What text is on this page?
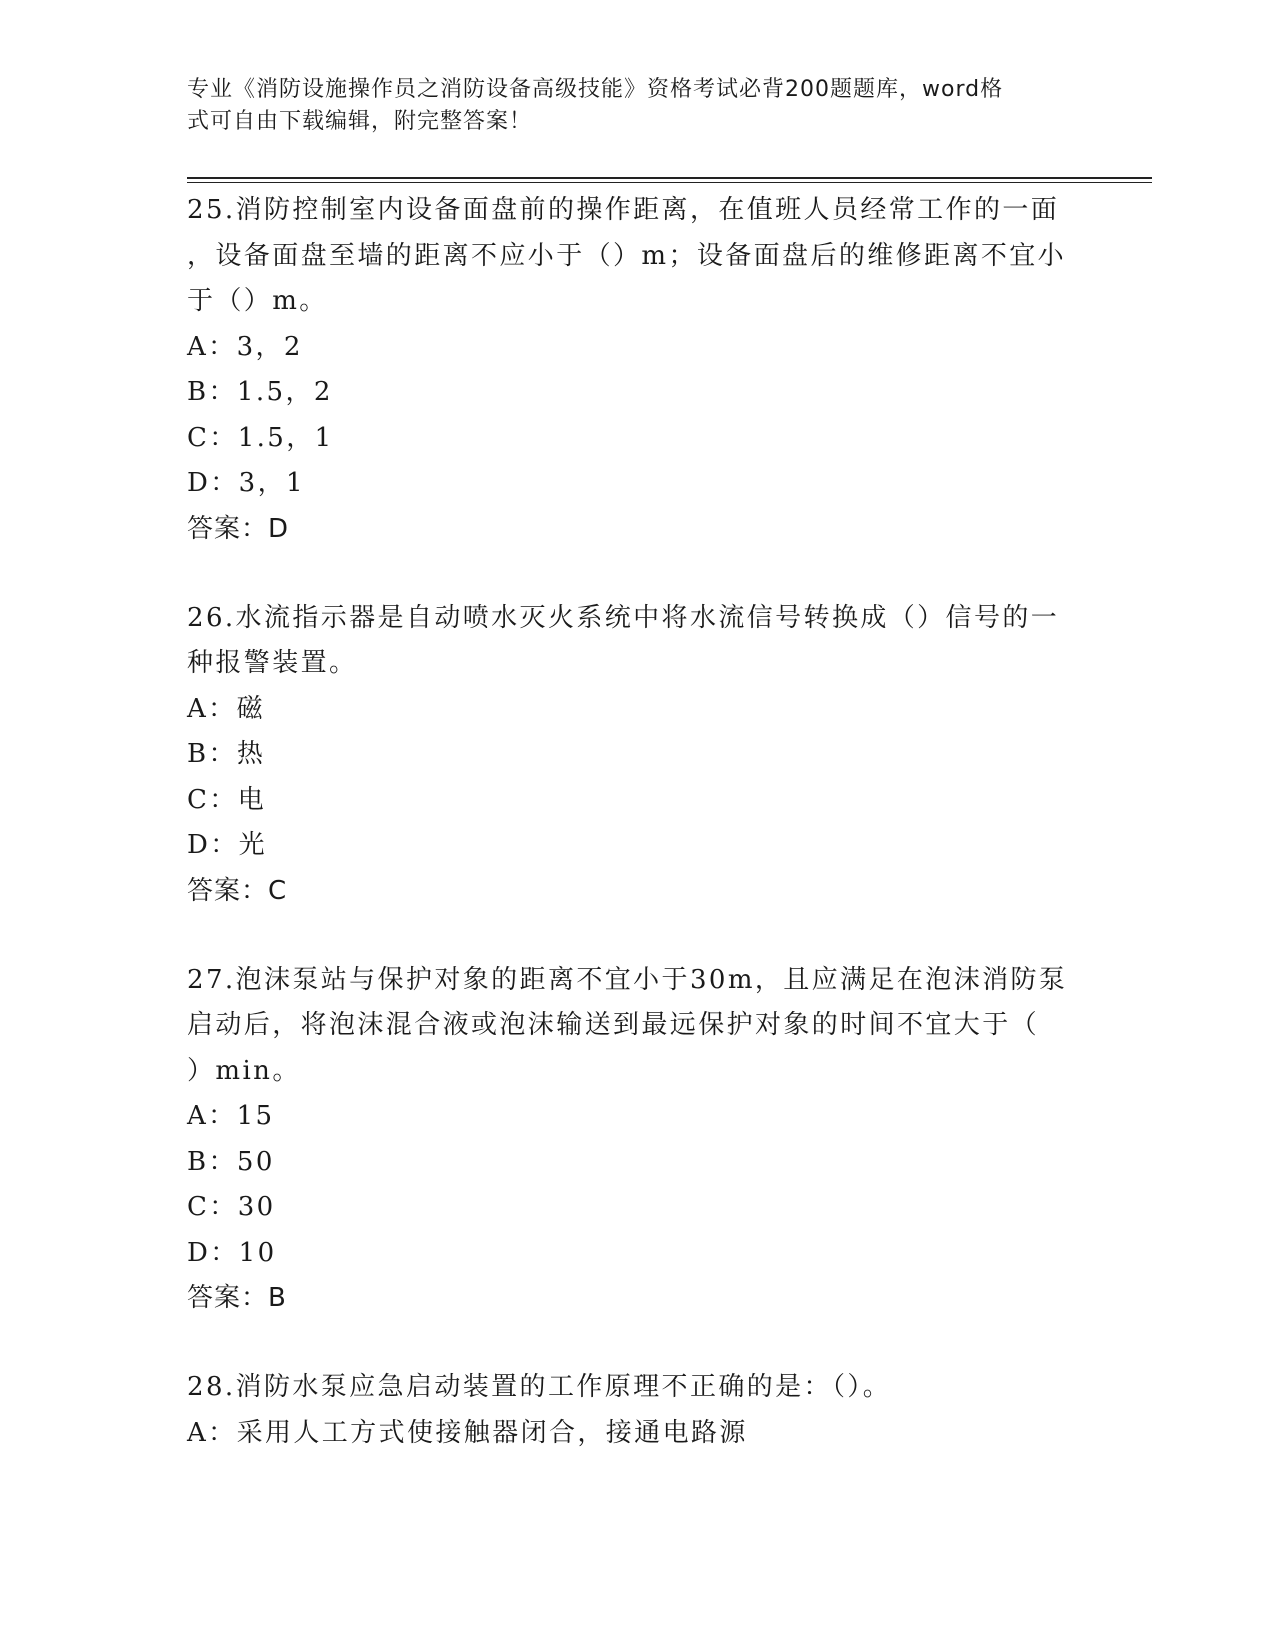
专业《消防设施操作员之消防设备高级技能》资格考试必背200题题库，word格
式可自由下载编辑，附完整答案！
25.消防控制室内设备面盘前的操作距离，在值班人员经常工作的一面
，设备面盘至墙的距离不应小于（）m；设备面盘后的维修距离不宜小
于（）m。
A：3，2
B：1.5，2
C：1.5，1
D：3，1
答案：D
26.水流指示器是自动喷水灭火系统中将水流信号转换成（）信号的一
种报警装置。
A：磁
B：热
C：电
D：光
答案：C
27.泡沫泵站与保护对象的距离不宜小于30m，且应满足在泡沫消防泵
启动后，将泡沫混合液或泡沫输送到最远保护对象的时间不宜大于（
）min。
A：15
B：50
C：30
D：10
答案：B
28.消防水泵应急启动装置的工作原理不正确的是：（）。
A：采用人工方式使接触器闭合，接通电路源
